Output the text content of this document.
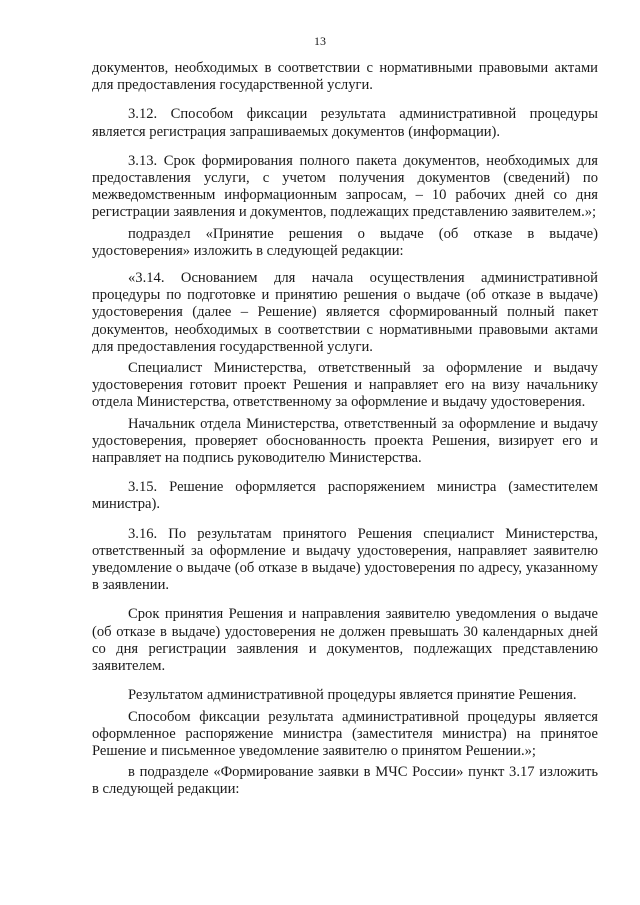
13

документов, необходимых в соответствии с нормативными правовыми актами для предоставления государственной услуги.

3.12. Способом фиксации результата административной процедуры является регистрация запрашиваемых документов (информации).

3.13. Срок формирования полного пакета документов, необходимых для предоставления услуги, с учетом получения документов (сведений) по межведомственным информационным запросам, – 10 рабочих дней со дня регистрации заявления и документов, подлежащих представлению заявителем.»;

подраздел «Принятие решения о выдаче (об отказе в выдаче) удостоверения» изложить в следующей редакции:

«3.14. Основанием для начала осуществления административной процедуры по подготовке и принятию решения о выдаче (об отказе в выдаче) удостоверения (далее – Решение) является сформированный полный пакет документов, необходимых в соответствии с нормативными правовыми актами для предоставления государственной услуги.

Специалист Министерства, ответственный за оформление и выдачу удостоверения готовит проект Решения и направляет его на визу начальнику отдела Министерства, ответственному за оформление и выдачу удостоверения.

Начальник отдела Министерства, ответственный за оформление и выдачу удостоверения, проверяет обоснованность проекта Решения, визирует его и направляет на подпись руководителю Министерства.

3.15. Решение оформляется распоряжением министра (заместителем министра).

3.16. По результатам принятого Решения специалист Министерства, ответственный за оформление и выдачу удостоверения, направляет заявителю уведомление о выдаче (об отказе в выдаче) удостоверения по адресу, указанному в заявлении.

Срок принятия Решения и направления заявителю уведомления о выдаче (об отказе в выдаче) удостоверения не должен превышать 30 календарных дней со дня регистрации заявления и документов, подлежащих представлению заявителем.

Результатом административной процедуры является принятие Решения.

Способом фиксации результата административной процедуры является оформленное распоряжение министра (заместителя министра) на принятое Решение и письменное уведомление заявителю о принятом Решении.»;

в подразделе «Формирование заявки в МЧС России» пункт 3.17 изложить в следующей редакции:
